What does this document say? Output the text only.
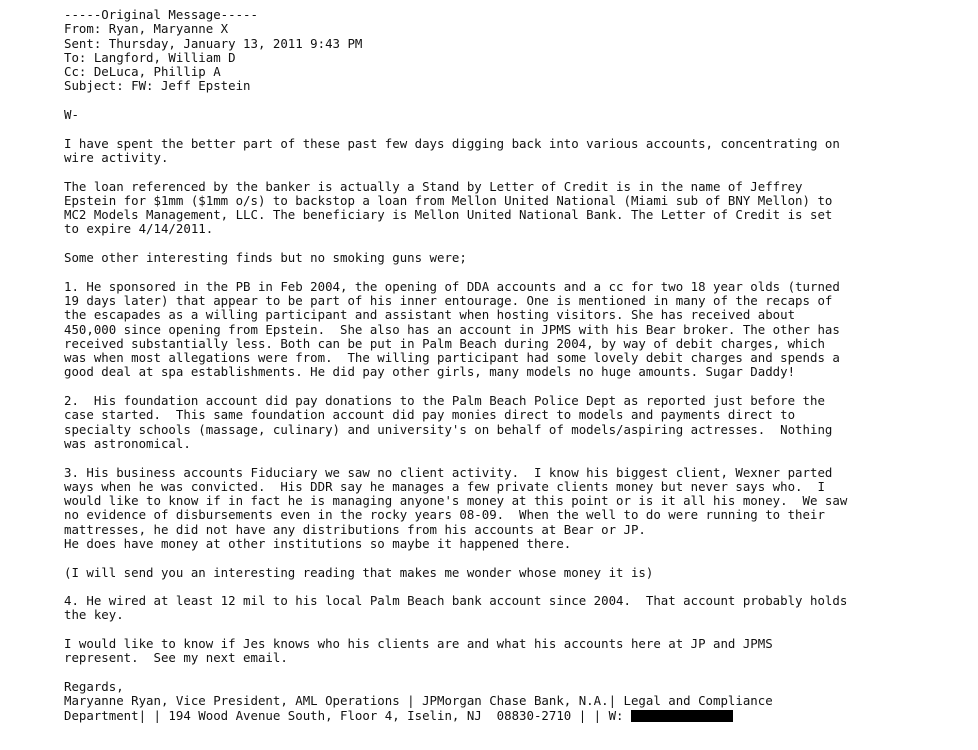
-----Original Message-----
From: Ryan, Maryanne X
Sent: Thursday, January 13, 2011 9:43 PM
To: Langford, William D
Cc: DeLuca, Phillip A
Subject: FW: Jeff Epstein
W-
I have spent the better part of these past few days digging back into various accounts, concentrating on
wire activity.
The loan referenced by the banker is actually a Stand by Letter of Credit is in the name of Jeffrey
Epstein for $1mm ($1mm o/s) to backstop a loan from Mellon United National (Miami sub of BNY Mellon) to
MC2 Models Management, LLC. The beneficiary is Mellon United National Bank. The Letter of Credit is set
to expire 4/14/2011.
Some other interesting finds but no smoking guns were;
1. He sponsored in the PB in Feb 2004, the opening of DDA accounts and a cc for two 18 year olds (turned
19 days later) that appear to be part of his inner entourage. One is mentioned in many of the recaps of
the escapades as a willing participant and assistant when hosting visitors. She has received about
450,000 since opening from Epstein.  She also has an account in JPMS with his Bear broker. The other has
received substantially less. Both can be put in Palm Beach during 2004, by way of debit charges, which
was when most allegations were from.  The willing participant had some lovely debit charges and spends a
good deal at spa establishments. He did pay other girls, many models no huge amounts. Sugar Daddy!
2.  His foundation account did pay donations to the Palm Beach Police Dept as reported just before the
case started.  This same foundation account did pay monies direct to models and payments direct to
specialty schools (massage, culinary) and university's on behalf of models/aspiring actresses.  Nothing
was astronomical.
3. His business accounts Fiduciary we saw no client activity.  I know his biggest client, Wexner parted
ways when he was convicted.  His DDR say he manages a few private clients money but never says who.  I
would like to know if in fact he is managing anyone's money at this point or is it all his money.  We saw
no evidence of disbursements even in the rocky years 08-09.  When the well to do were running to their
mattresses, he did not have any distributions from his accounts at Bear or JP.
He does have money at other institutions so maybe it happened there.
(I will send you an interesting reading that makes me wonder whose money it is)
4. He wired at least 12 mil to his local Palm Beach bank account since 2004.  That account probably holds
the key.
I would like to know if Jes knows who his clients are and what his accounts here at JP and JPMS
represent.  See my next email.
Regards,
Maryanne Ryan, Vice President, AML Operations | JPMorgan Chase Bank, N.A.| Legal and Compliance
Department| | 194 Wood Avenue South, Floor 4, Iselin, NJ  08830-2710 | | W:
